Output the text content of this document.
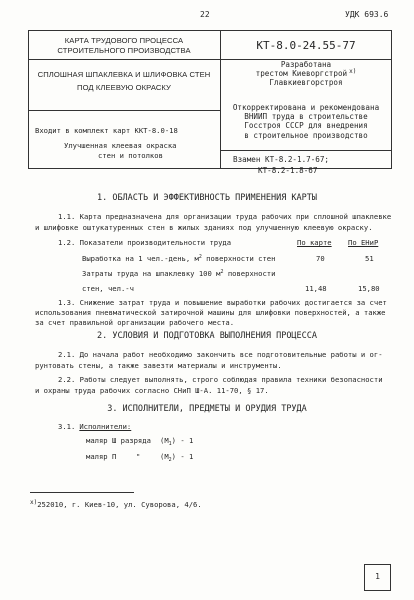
22	УДК 693.6
КАРТА ТРУДОВОГО ПРОЦЕССА
СТРОИТЕЛЬНОГО ПРОИЗВОДСТВА
СПЛОШНАЯ ШПАКЛЕВКА И ШЛИФОВКА СТЕН
ПОД КЛЕЕВУЮ ОКРАСКУ
Входит в комплект карт ККТ-8.0-18
Улучшенная клеевая окраска
стен и потолков
КТ-8.0-24.55-77
Разработана
трестом Киеворгстрой $^{x)}$
Главкиевгорстроя
Откорректирована и рекомендована
ВНИИП труда в строительстве
Госстроя СССР для внедрения
в строительное производство
Взамен КТ-8.2-1.7-67;
КТ-8.2-1.8-67
1. ОБЛАСТЬ И ЭФФЕКТИВНОСТЬ ПРИМЕНЕНИЯ КАРТЫ
1.1. Карта предназначена для организации труда рабочих при сплошной шпаклевке
и шлифовке оштукатуренных стен в жилых зданиях под улучшенную клеевую окраску.
1.2. Показатели производительности труда	По карте По ЕНиР
Выработка на 1 чел.-день, $м^2$ поверхности стен	70	51
Затраты труда на шпаклевку 100 $м^2$ поверхности
стен, чел.-ч	11,48	15,80
1.3. Снижение затрат труда и повышение выработки рабочих достигается за счет
использования пневматической затирочной машины для шлифовки поверхностей, а также
за счет правильной организации рабочего места.
2. УСЛОВИЯ И ПОДГОТОВКА ВЫПОЛНЕНИЯ ПРОЦЕССА
2.1. До начала работ необходимо закончить все подготовительные работы и ог-
рунтовать стены, а также завезти материалы и инструменты.
2.2. Работы следует выполнять, строго соблюдая правила техники безопасности
и охраны труда рабочих согласно СНиП Ш-А. 11-70, § 17.
3. ИСПОЛНИТЕЛИ, ПРЕДМЕТЫ И ОРУДИЯ ТРУДА
3.1. Исполнители:
маляр Ш разряда $(М_1) - 1$
маляр П	"	$(М_2) - 1$
$^{x)}$252010, г. Киев-10, ул. Суворова, 4/6.
1
